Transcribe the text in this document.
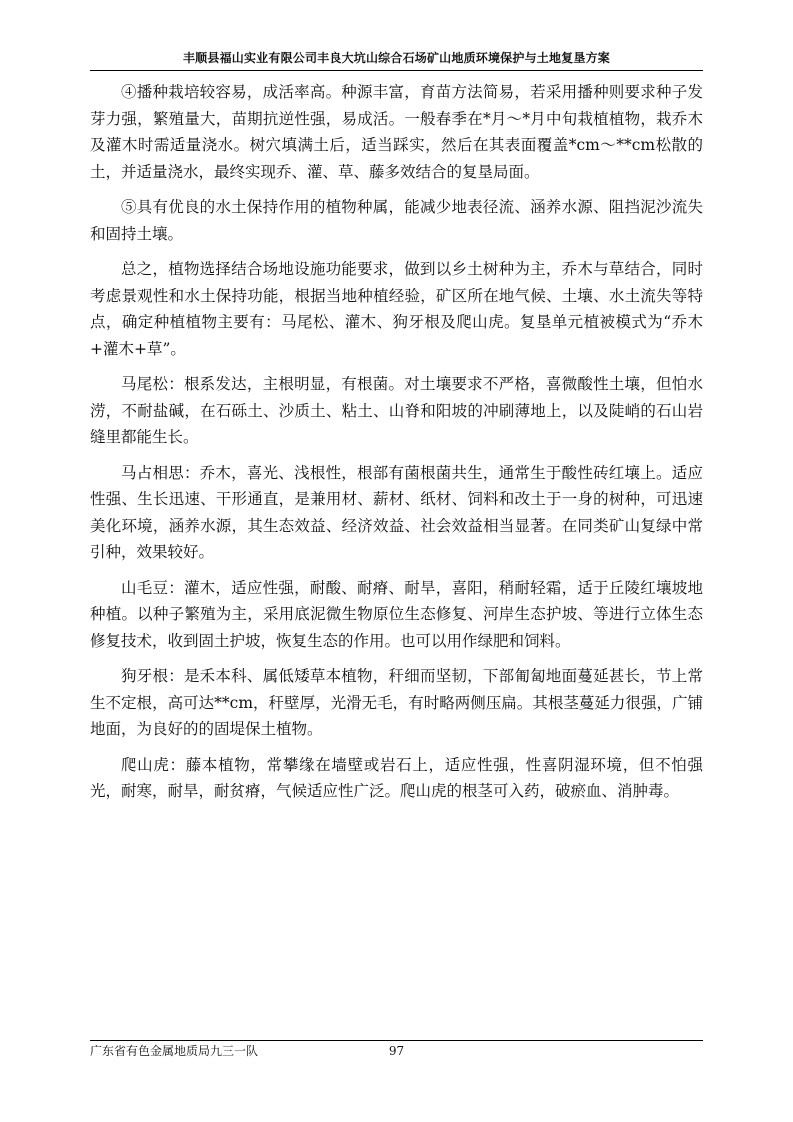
丰顺县福山实业有限公司丰良大坑山综合石场矿山地质环境保护与土地复垦方案

④播种栽培较容易，成活率高。种源丰富，育苗方法简易，若采用播种则要求种子发芽力强，繁殖量大，苗期抗逆性强，易成活。一般春季在*月～*月中旬栽植植物，栽乔木及灌木时需适量浇水。树穴填满土后，适当踩实，然后在其表面覆盖*cm～**cm松散的土，并适量浇水，最终实现乔、灌、草、藤多效结合的复垦局面。

⑤具有优良的水土保持作用的植物种属，能减少地表径流、涵养水源、阻挡泥沙流失和固持土壤。

总之，植物选择结合场地设施功能要求，做到以乡土树种为主，乔木与草结合，同时考虑景观性和水土保持功能，根据当地种植经验，矿区所在地气候、土壤、水土流失等特点，确定种植植物主要有：马尾松、灌木、狗牙根及爬山虎。复垦单元植被模式为“乔木+灌木+草”。

马尾松：根系发达，主根明显，有根菌。对土壤要求不严格，喜微酸性土壤，但怕水涝，不耐盐碱，在石砾土、沙质土、粘土、山脊和阳坡的冲刷薄地上，以及陡峭的石山岩缝里都能生长。

马占相思：乔木，喜光、浅根性，根部有菌根菌共生，通常生于酸性砖红壤上。适应性强、生长迅速、干形通直，是兼用材、薪材、纸材、饲料和改土于一身的树种，可迅速美化环境，涵养水源，其生态效益、经济效益、社会效益相当显著。在同类矿山复绿中常引种，效果较好。

山毛豆：灌木，适应性强，耐酸、耐瘠、耐旱，喜阳，稍耐轻霜，适于丘陵红壤坡地种植。以种子繁殖为主，采用底泥微生物原位生态修复、河岸生态护坡、等进行立体生态修复技术，收到固土护坡，恢复生态的作用。也可以用作绿肥和饲料。

狗牙根：是禾本科、属低矮草本植物，秆细而坚韧，下部匍匐地面蔓延甚长，节上常生不定根，高可达**cm，秆壁厚，光滑无毛，有时略两侧压扁。其根茎蔓延力很强，广铺地面，为良好的的固堤保土植物。

爬山虎：藤本植物，常攀缘在墙壁或岩石上，适应性强，性喜阴湿环境，但不怕强光，耐寒，耐旱，耐贫瘠，气候适应性广泛。爬山虎的根茎可入药，破瘀血、消肿毒。

广东省有色金属地质局九三一队	97
